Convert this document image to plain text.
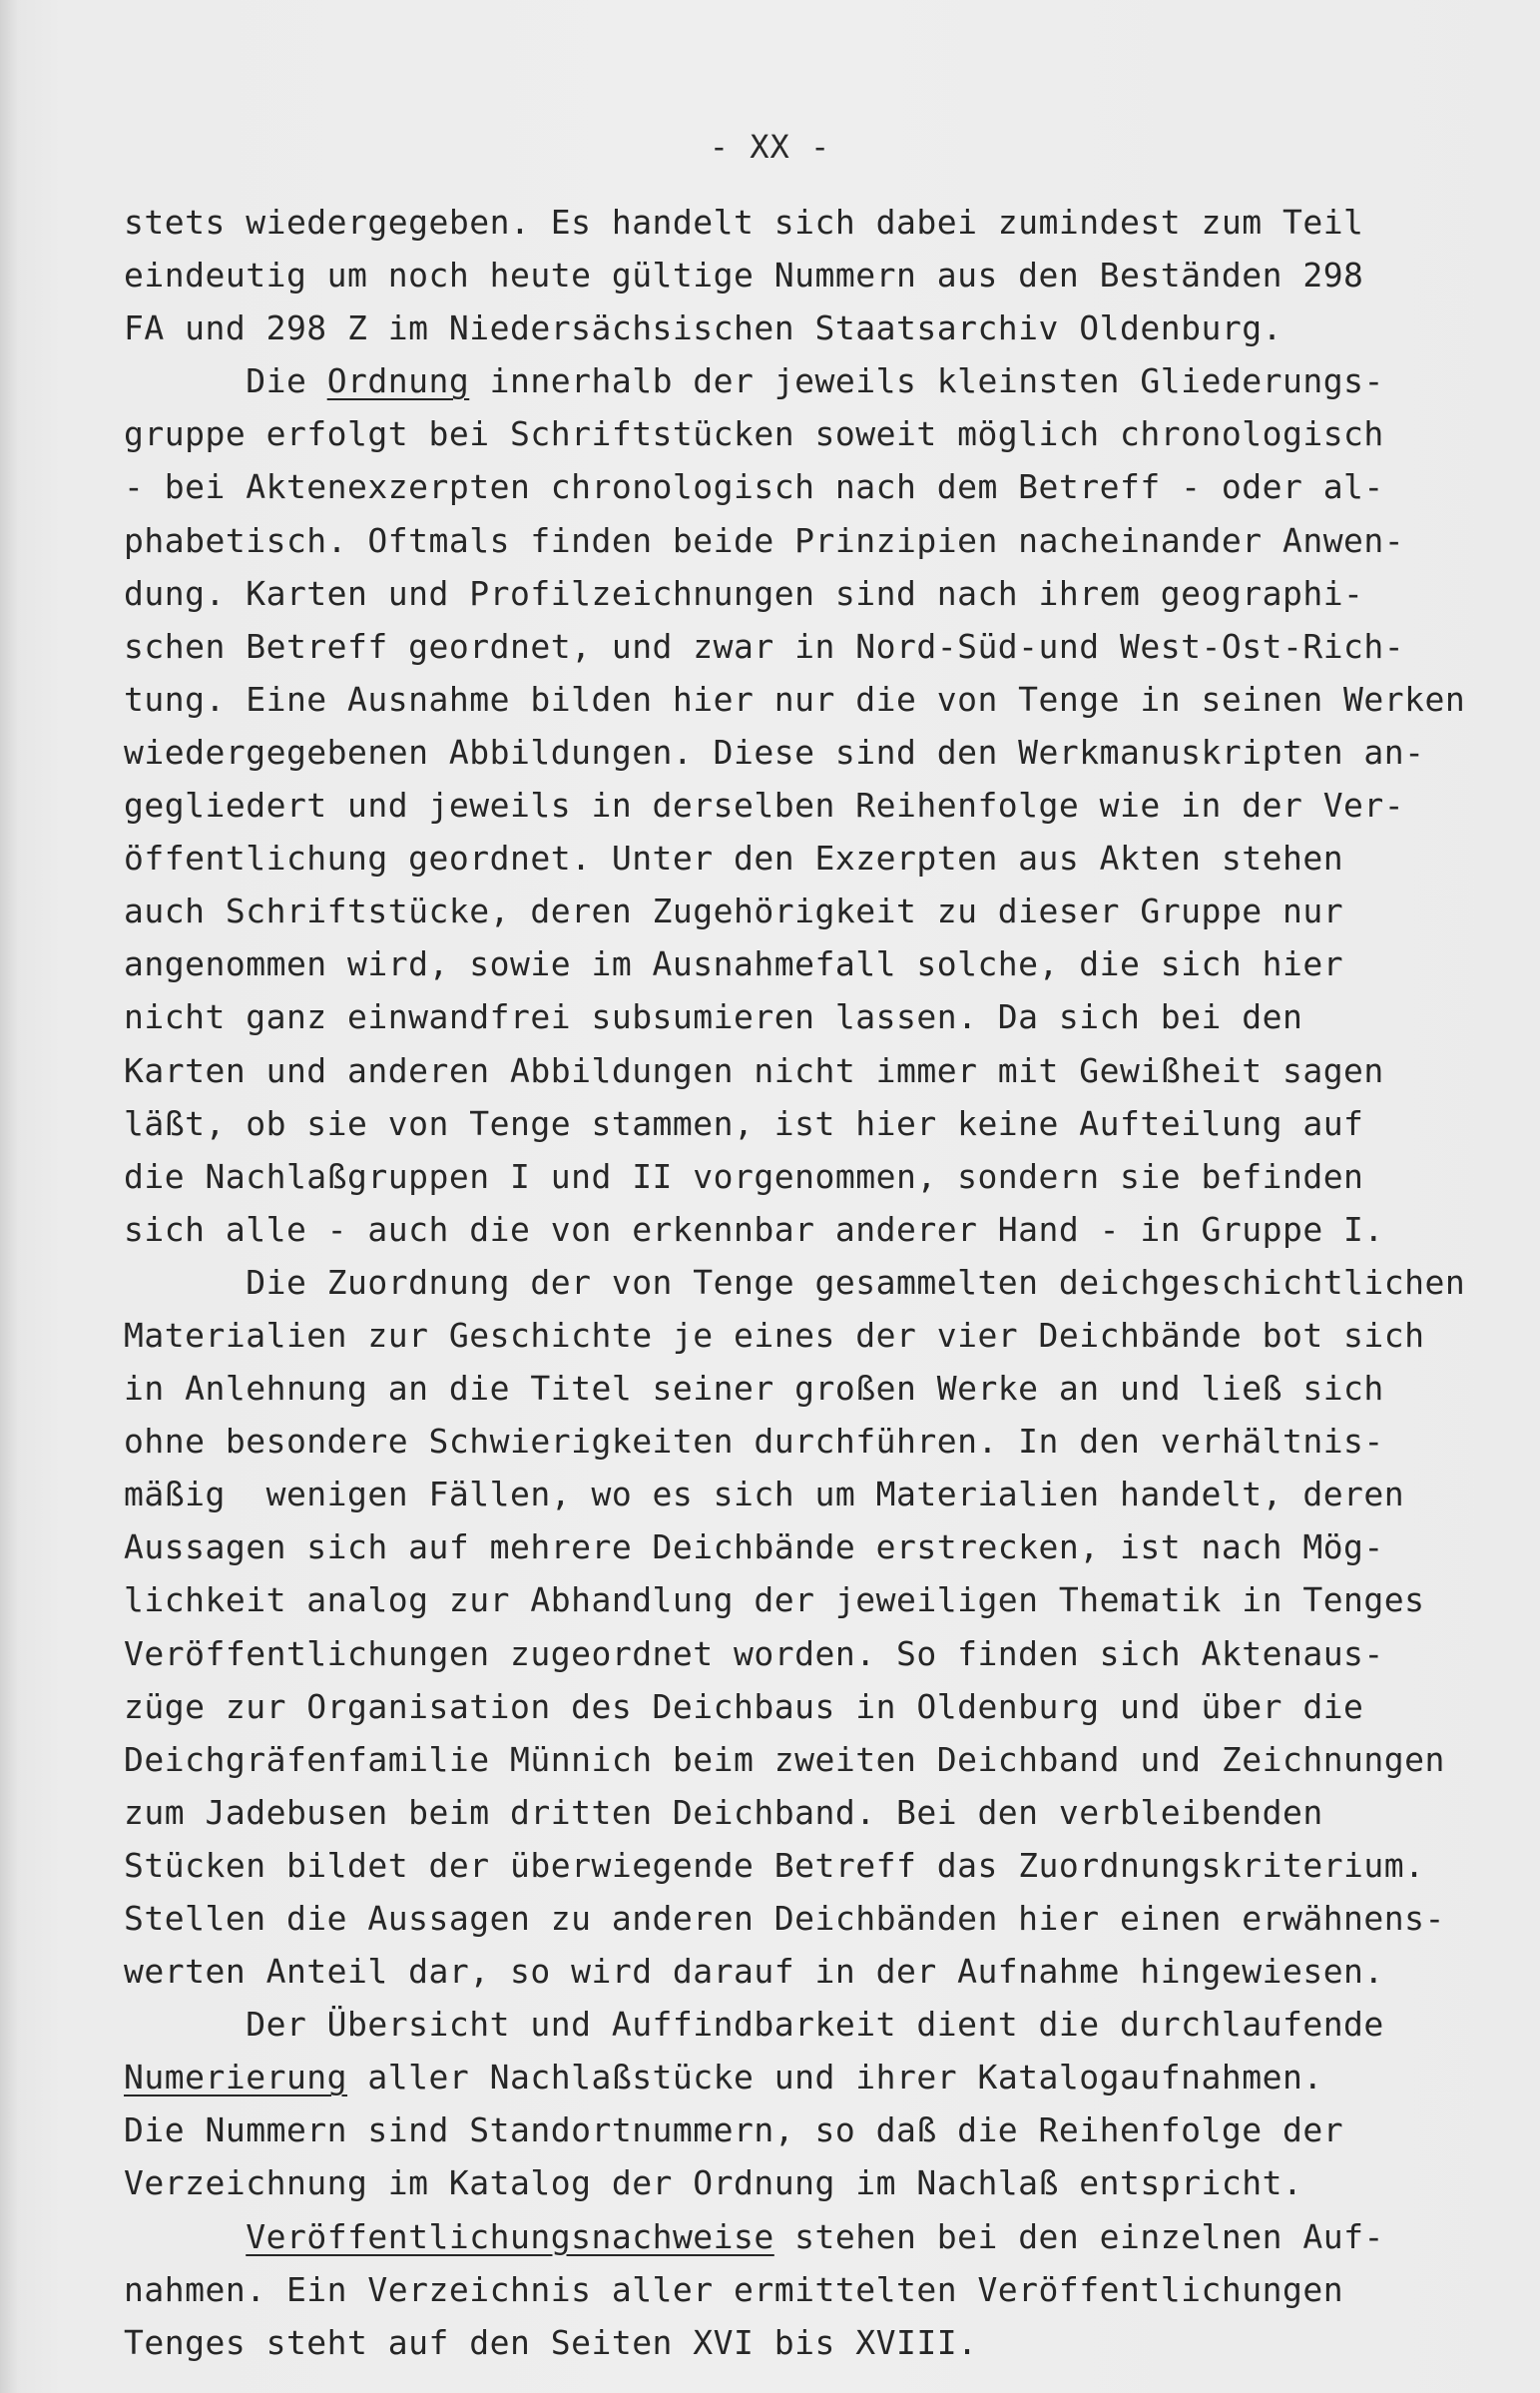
- XX -
stets wiedergegeben. Es handelt sich dabei zumindest zum Teil
eindeutig um noch heute gültige Nummern aus den Beständen 298
FA und 298 Z im Niedersächsischen Staatsarchiv Oldenburg.
Die Ordnung innerhalb der jeweils kleinsten Gliederungs-
gruppe erfolgt bei Schriftstücken soweit möglich chronologisch
- bei Aktenexzerpten chronologisch nach dem Betreff - oder al-
phabetisch. Oftmals finden beide Prinzipien nacheinander Anwen-
dung. Karten und Profilzeichnungen sind nach ihrem geographi-
schen Betreff geordnet, und zwar in Nord-Süd-und West-Ost-Rich-
tung. Eine Ausnahme bilden hier nur die von Tenge in seinen Werken
wiedergegebenen Abbildungen. Diese sind den Werkmanuskripten an-
gegliedert und jeweils in derselben Reihenfolge wie in der Ver-
öffentlichung geordnet. Unter den Exzerpten aus Akten stehen
auch Schriftstücke, deren Zugehörigkeit zu dieser Gruppe nur
angenommen wird, sowie im Ausnahmefall solche, die sich hier
nicht ganz einwandfrei subsumieren lassen. Da sich bei den
Karten und anderen Abbildungen nicht immer mit Gewißheit sagen
läßt, ob sie von Tenge stammen, ist hier keine Aufteilung auf
die Nachlaßgruppen I und II vorgenommen, sondern sie befinden
sich alle - auch die von erkennbar anderer Hand - in Gruppe I.
Die Zuordnung der von Tenge gesammelten deichgeschichtlichen
Materialien zur Geschichte je eines der vier Deichbände bot sich
in Anlehnung an die Titel seiner großen Werke an und ließ sich
ohne besondere Schwierigkeiten durchführen. In den verhältnis-
mäßig  wenigen Fällen, wo es sich um Materialien handelt, deren
Aussagen sich auf mehrere Deichbände erstrecken, ist nach Mög-
lichkeit analog zur Abhandlung der jeweiligen Thematik in Tenges
Veröffentlichungen zugeordnet worden. So finden sich Aktenaus-
züge zur Organisation des Deichbaus in Oldenburg und über die
Deichgräfenfamilie Münnich beim zweiten Deichband und Zeichnungen
zum Jadebusen beim dritten Deichband. Bei den verbleibenden
Stücken bildet der überwiegende Betreff das Zuordnungskriterium.
Stellen die Aussagen zu anderen Deichbänden hier einen erwähnens-
werten Anteil dar, so wird darauf in der Aufnahme hingewiesen.
Der Übersicht und Auffindbarkeit dient die durchlaufende
Numerierung aller Nachlaßstücke und ihrer Katalogaufnahmen.
Die Nummern sind Standortnummern, so daß die Reihenfolge der
Verzeichnung im Katalog der Ordnung im Nachlaß entspricht.
Veröffentlichungsnachweise stehen bei den einzelnen Auf-
nahmen. Ein Verzeichnis aller ermittelten Veröffentlichungen
Tenges steht auf den Seiten XVI bis XVIII.
